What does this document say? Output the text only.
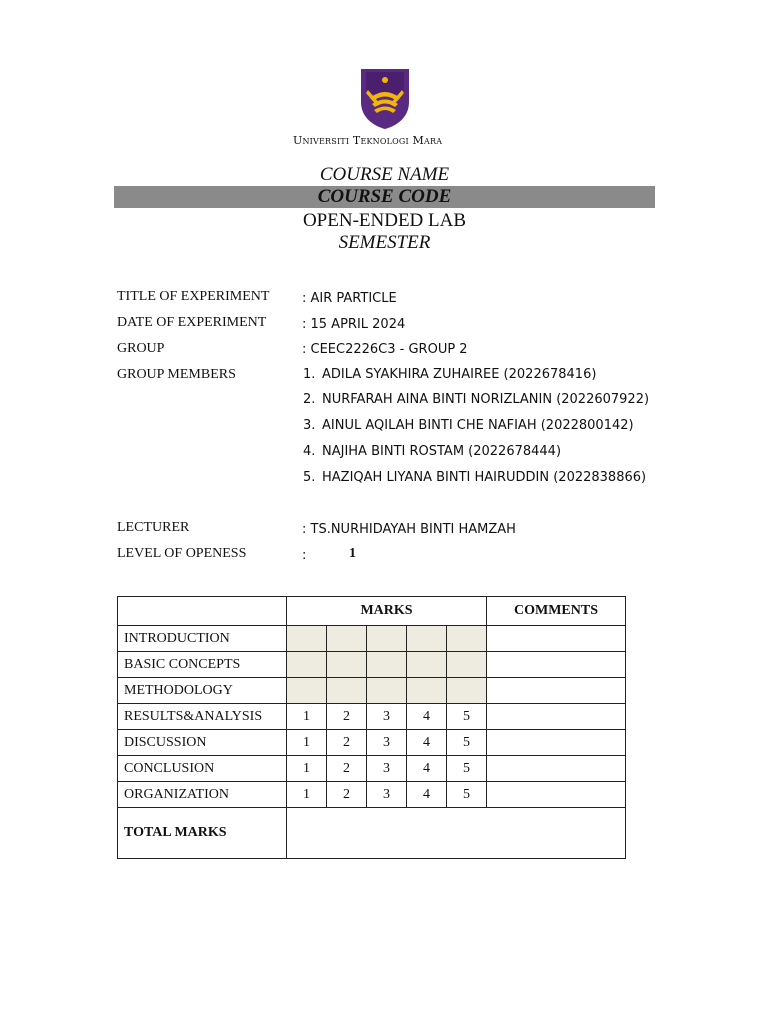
Universiti Teknologi Mara
COURSE NAME
COURSE CODE
OPEN-ENDED LAB
SEMESTER
TITLE OF EXPERIMENT	: AIR PARTICLE
DATE OF EXPERIMENT	: 15 APRIL 2024
GROUP	: CEEC2226C3 - GROUP 2
GROUP MEMBERS	1. ADILA SYAKHIRA ZUHAIREE (2022678416)
2. NURFARAH AINA BINTI NORIZLANIN (2022607922)
3. AINUL AQILAH BINTI CHE NAFIAH (2022800142)
4. NAJIHA BINTI ROSTAM (2022678444)
5. HAZIQAH LIYANA BINTI HAIRUDDIN (2022838866)
LECTURER	: TS.NURHIDAYAH BINTI HAMZAH
LEVEL OF OPENESS	:	1
	MARKS					COMMENTS
INTRODUCTION						
BASIC CONCEPTS						
METHODOLOGY						
RESULTS&ANALYSIS	1	2	3	4	5	
DISCUSSION	1	2	3	4	5	
CONCLUSION	1	2	3	4	5	
ORGANIZATION	1	2	3	4	5	
TOTAL MARKS						
